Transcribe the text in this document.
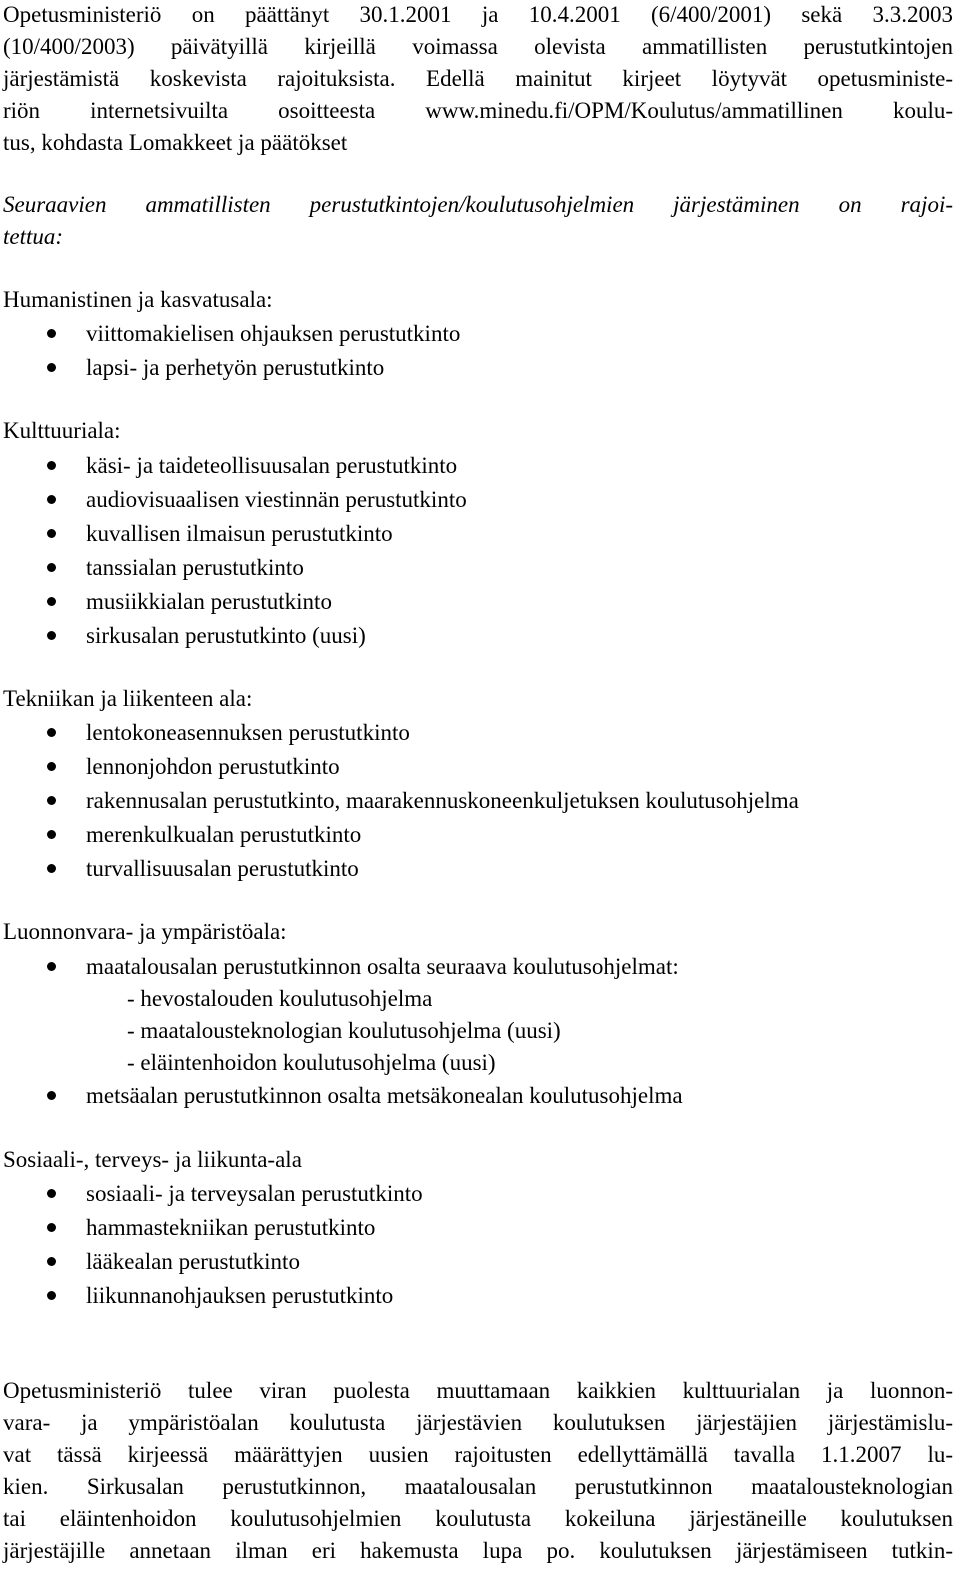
Opetusministeriö on päättänyt 30.1.2001 ja 10.4.2001 (6/400/2001) sekä 3.3.2003
(10/400/2003) päivätyillä kirjeillä voimassa olevista ammatillisten perustutkintojen
järjestämistä koskevista rajoituksista. Edellä mainitut kirjeet löytyvät opetusministe-
riön internetsivuilta osoitteesta www.minedu.fi/OPM/Koulutus/ammatillinen koulu-
tus, kohdasta Lomakkeet ja päätökset
Seuraavien ammatillisten perustutkintojen/koulutusohjelmien järjestäminen on rajoi-
tettua:
Humanistinen ja kasvatusala:
viittomakielisen ohjauksen perustutkinto
lapsi- ja perhetyön perustutkinto
Kulttuuriala:
käsi- ja taideteollisuusalan perustutkinto
audiovisuaalisen viestinnän perustutkinto
kuvallisen ilmaisun perustutkinto
tanssialan perustutkinto
musiikkialan perustutkinto
sirkusalan perustutkinto (uusi)
Tekniikan ja liikenteen ala:
lentokoneasennuksen perustutkinto
lennonjohdon perustutkinto
rakennusalan perustutkinto, maarakennuskoneenkuljetuksen koulutusohjelma
merenkulkualan perustutkinto
turvallisuusalan perustutkinto
Luonnonvara- ja ympäristöala:
maatalousalan perustutkinnon osalta seuraava koulutusohjelmat:
- hevostalouden koulutusohjelma
- maatalousteknologian koulutusohjelma (uusi)
- eläintenhoidon koulutusohjelma (uusi)
metsäalan perustutkinnon osalta metsäkonealan koulutusohjelma
Sosiaali-, terveys- ja liikunta-ala
sosiaali- ja terveysalan perustutkinto
hammastekniikan perustutkinto
lääkealan perustutkinto
liikunnanohjauksen perustutkinto
Opetusministeriö tulee viran puolesta muuttamaan kaikkien kulttuurialan ja luonnon-
vara- ja ympäristöalan koulutusta järjestävien koulutuksen järjestäjien järjestämislu-
vat tässä kirjeessä määrättyjen uusien rajoitusten edellyttämällä tavalla 1.1.2007 lu-
kien. Sirkusalan perustutkinnon, maatalousalan perustutkinnon maatalousteknologian
tai eläintenhoidon koulutusohjelmien koulutusta kokeiluna järjestäneille koulutuksen
järjestäjille annetaan ilman eri hakemusta lupa po. koulutuksen järjestämiseen tutkin-
